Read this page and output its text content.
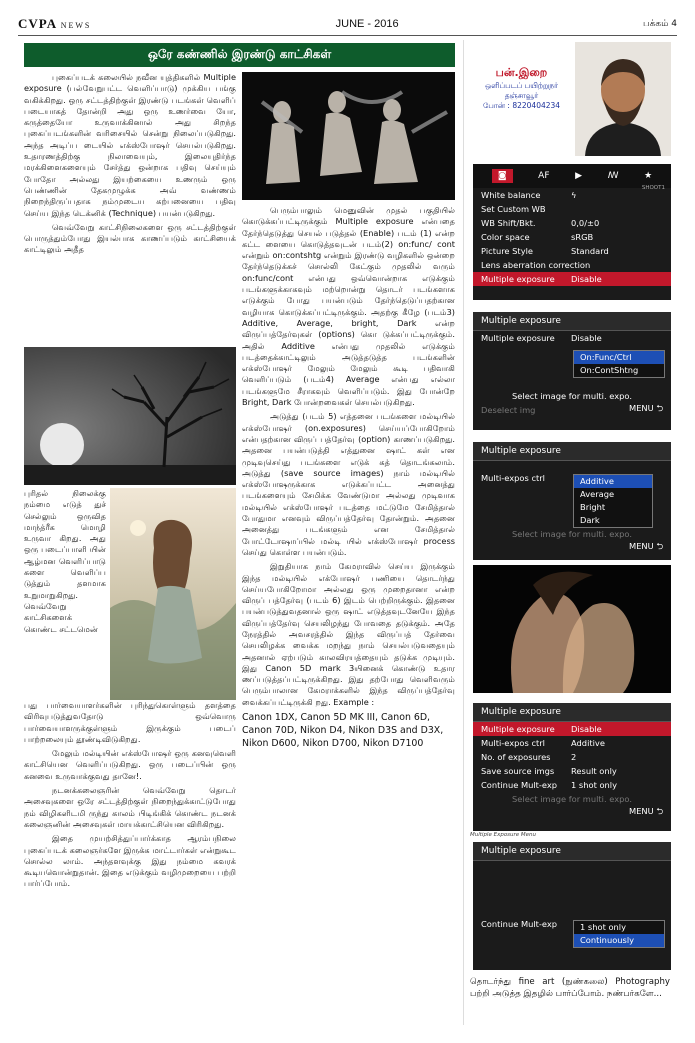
CVPA NEWS	JUNE - 2016	பக்கம் 4
ஒரே கண்ணில் இரண்டு காட்சிகள்

புகைப்படக் கலையில் நவீன யுத்திகளில் Multiple exposure (பல்வேறுபட்ட வெளிப்பாடு) முக்கிய பங்கு வகிக்கிறது. ஒரு சட்டத்திற்குள் இரண்டு படங்கள் வெளிப் படையாகத் தோன்றி அது ஒரு உணர்வை யோ, கருத்தையோ உருவாக்கினால் அது சிறந்த புகைப்படங்களின் வரிசையில் சென்று நிலைப்படுகிறது. அந்த அடிப்ப டையில் எக்ஸ்போஷர் செயல்படுகிறது. உதாரணத்திற்கு நிலாவையும், இலையுதிர்ந்த மரக்கிளைகளையும் சேர்த்து ஒன்றாக பதிவு செய்யும் போதோ அல்லது இயற்கையை உணரும் ஒரு பெண்ணின் தேகமுழுக்க அவ் வண்ணம் நிறைந்திருப்பதாக நம்முடைய கற்பனையை பதிவு செய்ய இந்த டெக்னிக் (Technique) பயன்படுகிறது.

வெவ்வேறு காட்சிநிலைகளை ஒரு சட்டத்திற்குள் பொருத்தும்போது இயல்பாக காணப்படும் காட்சியைக் காட்டிலும் அதீத

புரிதல் நிலைக்கு நம்மை எடுத் துச் செல்லும் ஒருவித மாந்த்ரீக மொழி உருவா கிறது. அது ஒரு படைப்பாளி யின் ஆழ்மன வெளிப்பாடு களை வெளிப்ப டுத்தும் தளமாக உறுமாறுகிறது. வெவ்வேறு காட்சிகளைக் கொண்ட சட்டமென்

பது பார்வையாளர்களின் புரிந்துகொள்ளும் தளத்தை விரிவுபடுத்துவதோடு ஒவ்வொரு பார்வையாளருக்குள்ளும் இருக்கும் படைப் பாற்றலையும் தூண்டிவிடுகிறது.

மேலும் மல்டியின் எக்ஸ்போஷர் ஒரு கனவுவெளி காட்சியென வெளிப்படுகிறது. ஒரு படைப்பின் ஒரு கனவை உருவாக்குவது தானே!.

நடனக்கலைஞரின் வெவ்வேறு தொடர் அசைவுகளை ஒரே சட்டத்திற்குள் நிறைந்துக்காட்டுபோது நம் விழிகளிடமி ருந்து காலம் பிடிங்கிக் கொண்ட நடனக் கலைஞனின் அசைவுகள் மாயக்காட்சியென விரிகிறது.

இதை முயற்சித்துப்பார்க்காத ஆரம்பநிலை புகைப்படக் கலைஞர்களே இருக்க மாட்டார்கள் என்றுகூட சொல்ல லாம். அந்தளவுக்கு இது நம்மை கவரக் கூடியவொன்றுதான். இதை எடுக்கும் வழிமுறையை பற்றி பார்ப்போம்.

பெரும்பாலும் மெனுவின் முதல் பகுதியில் கொடுக்கப்பட்டிருக்கும் Multiple exposure என்பதை தேர்ந்தெடுத்து செயல் படுத்தல் (Enable) படம் (1) என்ற கட்ட ளையை கொடுத்தவுடன் படம்(2) on:func/ cont என்றும் on:contshtg என்றும் இரண்டு வழிகளில் ஒன்றை தேர்ந்தெடுக்கச் சொல்லி கேட்கும் முதலில் வரும் on:func/cont என்பது ஒவ்வொன்றாக எடுக்கும் படங்களுக்காகவும் மற்றொன்று தொடர் படங்களாக எடுக்கும் போது பயன்படும் தேர்ந்தெடுப்பதற்கான வழியாக கொடுக்கப்பட்டிருக்கும். அதற்கு கீழே (படம்3) Additive, Average, bright, Dark என்ற விருப்பத்தேர்வுகள் (options) கொ டுக்கப்பட்டிருக்கும். அதில் Additive என்பது முதலில் எடுக்கும் படத்தைக்காட்டிலும் அடுத்தடுத்த படங்களின் எக்ஸ்போஷர் மேலும் மேலும் கூடி பதிவாகி வெளிப்படும் (படம்4) Average என்பது எல்லா படங்களுமே சீராகவும் வெளிப்படும். இது போன்றே Bright, Dark போன்றவைகள் செயல்படுகிறது.

அடுத்து (படம் 5) எத்தனை படங்களை மல்டியில் எக்ஸ்போஷர் (on.exposures) செய்யப்போகிறோம் என்பதற்கான விருப் பத்தேர்வு (option) காணப்படுகிறது. அதனை பயன்படுத்தி எத்துனை ஷாட் கள் என முடிவுசெய்து படங்களை எடுக் கத் தொடங்கலாம். அடுத்து (save source images) நாம் மல்டியில் எக்ஸ்போஷருக்காக எடுக்கப்பட்ட அனைத்து படங்களையும் சேமிக்க வேண்டுமா அல்லது முடிவாக மல்டியில் எக்ஸ்போஷர் படத்தை மட்டுமே சேமித்தால் போதுமா எனவும் விருப்பத்தேர்வு தோன்றும். அதனை அனைத்து படங்களும் என சேமித்தால் போட்டோஷாப்பில் மல்டி யில் எக்ஸ்போஷர் process செய்து கொள்ள பயன்படும்.

இறுதியாக நாம் கேமராவில் செய்ய இருக்கும் இந்த மல்டியில் எக்போஷர் பணியை தொடர்ந்து செய்யபோகிறோமா அல்லது ஒரு முறைதானா என்ற விருப் பத்தேர்வு (படம் 6) இடம் பெற்றிருக்கும். இதனை பயன்படுத்துவதனால் ஒரு ஷாட் எடுத்தவுடனேயே இந்த விருப்பத்தேர்வு செயலிழந்து போவதை தடுக்கும். அதே நேரத்தில் அவசரத்தில் இந்த விருப்பத் தேர்வை செயலிழக்க வைக்க மறந்து நாம் செயல்படுவதையும் அதனால் ஏற்படும் காலவிரயத்தையும் தடுக்க முடியும். இது Canon 5D mark 3யினைக் கொண்டு உதார ணப்படுத்தப்பட்டிருக்கிறது. இது தற்போது வெளிவரும் பெரும்பாலான கேமராக்களில் இந்த விருப்பத்தேர்வு வைக்கப்பட்டிருக்கி றது. Example :

Canon 1DX, Canon 5D MK III, Canon 6D, Canon 70D, Nikon D4, Nikon D3S and D3X, Nikon D600, Nikon D700, Nikon D7100

பன்.இறை
ஒளிப்படப் பயிற்றுநர்
தஞ்சாவூர்
போன் : 8220404234
◙	AF	▶	ꟿ	★
SHOOT1
White balance	ϟ
Set Custom WB
WB Shift/Bkt.	0,0/±0
Color space	sRGB
Picture Style	Standard
Lens aberration correction
Multiple exposure	Disable
Multiple exposure
Multiple exposure	Disable
On:Func/Ctrl
On:ContShtng
Select image for multi. expo.
Deselect img	MENU ⮌
Multiple exposure
Multi-expos ctrl	Additive
Average
Bright
Dark
Select image for multi. expo.
MENU ⮌
Multiple exposure
Multiple exposure	Disable
Multi-expos ctrl	Additive
No. of exposures	2
Save source imgs	Result only
Continue Mult-exp	1 shot only
Select image for multi. expo.
MENU ⮌
Multiple Exposure Menu
Multiple exposure
Continue Mult-exp	1 shot only
Continuously

தொடர்ந்து fine art (நுண்கலை) Photography பற்றி அடுத்த இதழில் பார்ப்போம். நண்பர்களே...
